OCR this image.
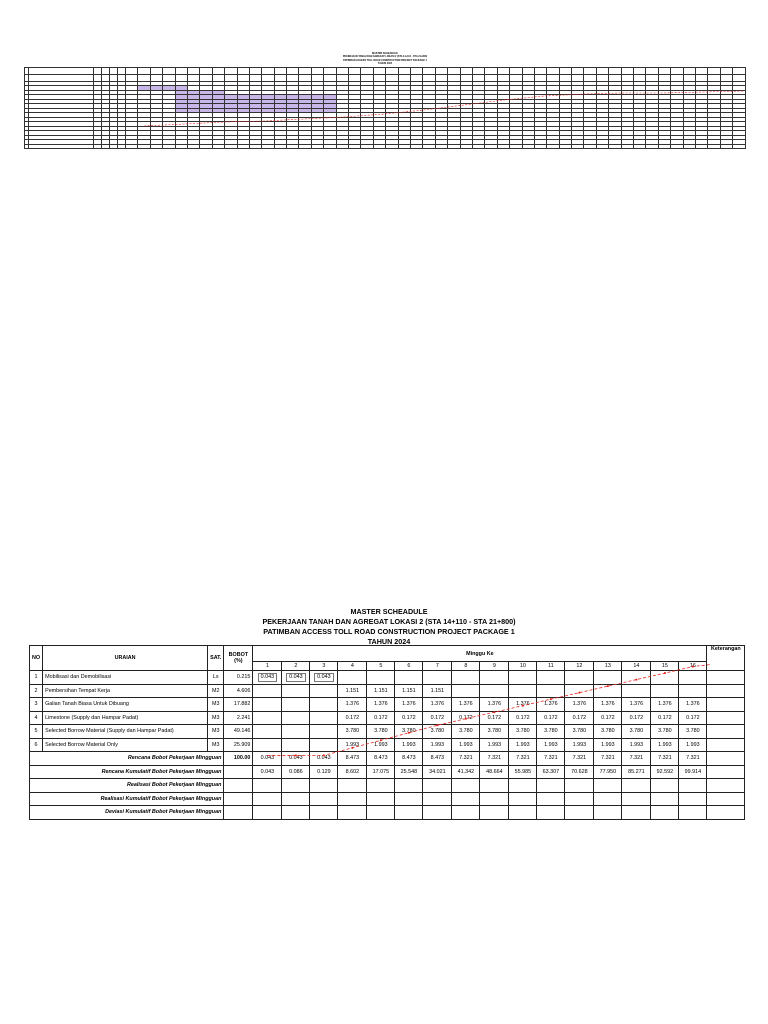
MASTER SCHEADULE
PEKERJAAN TANAH DAN AGREGAT LOKASI 2 (STA 14+110 - STA 21+800)
PATIMBAN ACCESS TOLL ROAD CONSTRUCTION PROJECT PACKAGE 1
TAHUN 2024

MASTER SCHEADULE
PEKERJAAN TANAH DAN AGREGAT LOKASI 2 (STA 14+110 - STA 21+800)
PATIMBAN ACCESS TOLL ROAD CONSTRUCTION PROJECT PACKAGE 1
TAHUN 2024
NO	URAIAN	SAT.	BOBOT (%)	Minggu Ke																Keterangan
				1	2	3	4	5	6	7	8	9	10	11	12	13	14	15	16	
1	Mobilisasi dan Demobilisasi	Ls	0.215	0.043	0.043	0.043														
2	Pembersihan Tempat Kerja	M2	4.606				1.151	1.151	1.151	1.151										
3	Galian Tanah Biasa Untuk Dibuang	M3	17.882				1.376	1.376	1.376	1.376	1.376	1.376	1.376	1.376	1.376	1.376	1.376	1.376	1.376	
4	Limestone (Supply dan Hampar Padat)	M3	2.241				0.172	0.172	0.172	0.172	0.172	0.172	0.172	0.172	0.172	0.172	0.172	0.172	0.172	
5	Selected Borrow Material (Supply dan Hampar Padat)	M3	49.146				3.780	3.780	3.780	3.780	3.780	3.780	3.780	3.780	3.780	3.780	3.780	3.780	3.780	
6	Selected Borrow Material Only	M3	25.909				1.993	1.993	1.993	1.993	1.993	1.993	1.993	1.993	1.993	1.993	1.993	1.993	1.993	
Rencana Bobot Pekerjaan Mingguan			100.00	0.043	0.043	0.043	8.473	8.473	8.473	8.473	7.321	7.321	7.321	7.321	7.321	7.321	7.321	7.321	7.321	
Rencana Kumulatif Bobot Pekerjaan Mingguan				0.043	0.086	0.129	8.602	17.075	25.548	34.021	41.342	48.664	55.985	63.307	70.628	77.950	85.271	92.592	99.914	
Realisasi Bobot Pekerjaan Mingguan																				
Realisasi Kumulatif Bobot Pekerjaan Mingguan																				
Deviasi Kumulatif Bobot Pekerjaan Mingguan																				
